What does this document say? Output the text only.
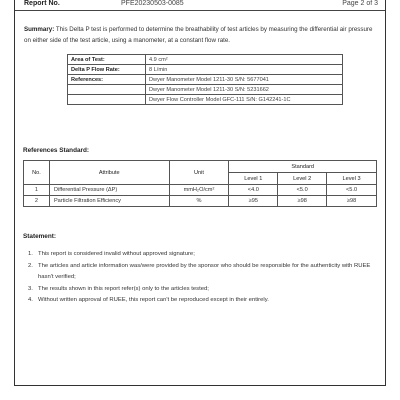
Report No.	PFE20230503-0085	Page 2 of 3
Summary: This Delta P test is performed to determine the breathability of test articles by measuring the differential air pressure on either side of the test article, using a manometer, at a constant flow rate.
Area of Test:	4.9 cm²
Delta P Flow Rate:	8 L/min
References:	Dwyer Manometer Model 1211-30 S/N: 5677041
	Dwyer Manometer Model 1211-30 S/N: 5231662
	Dwyer Flow Controller Model GFC-111 S/N: G142241-1C
References Standard:
No.	Attribute	Unit	Standard		
			Level 1	Level 2	Level 3
1	Differential Pressure (ΔP)	mmH₂O/cm²	<4.0	<5.0	<5.0
2	Particle Filtration Efficiency	%	≥95	≥98	≥98
Statement:
1. This report is considered invalid without approved signature;
2. The articles and article information was/were provided by the sponsor who should be responsible for the authenticity with RUEE hasn't verified;
3. The results shown in this report refer(s) only to the articles tested;
4. Without written approval of RUEE, this report can't be reproduced except in their entirely.
